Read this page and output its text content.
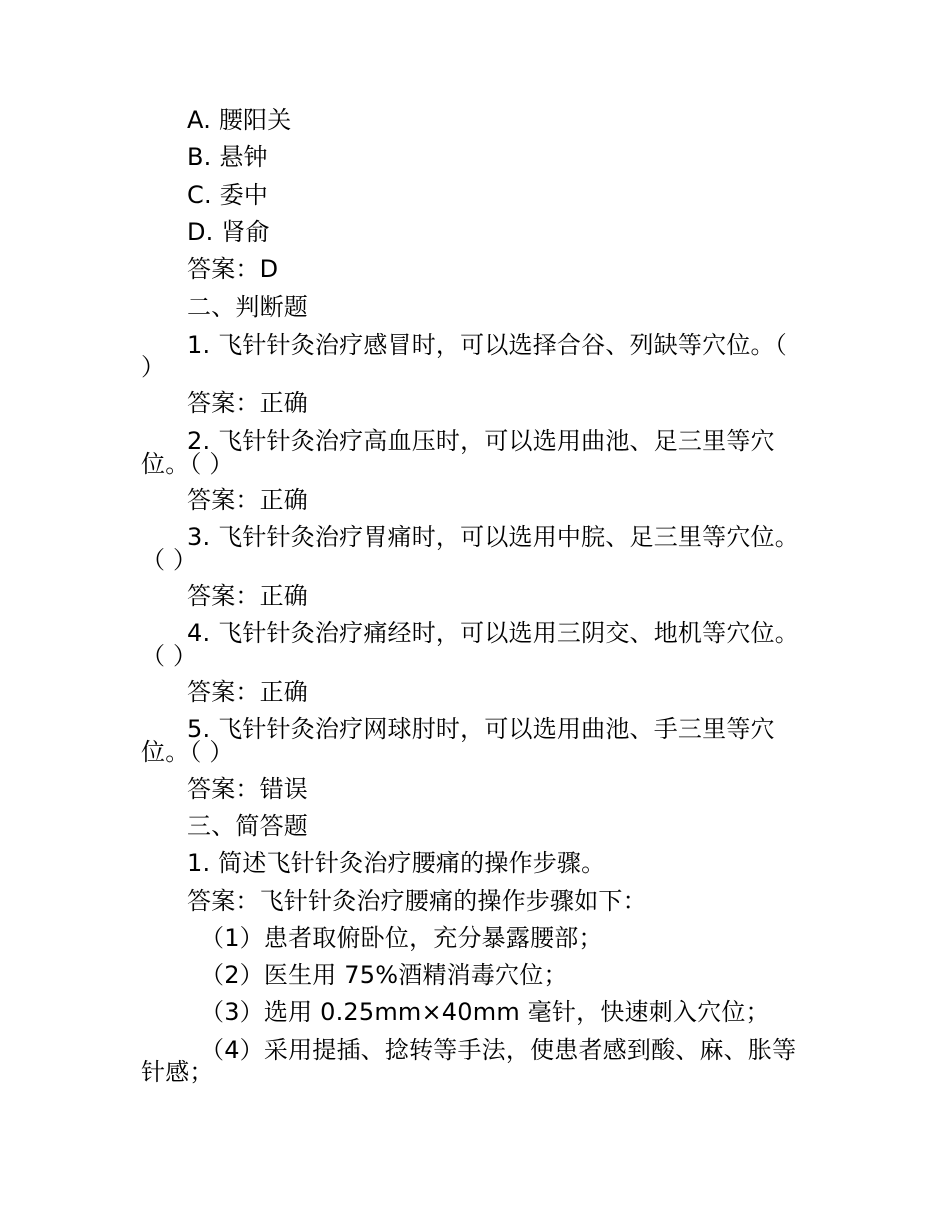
A. 腰阳关
B. 悬钟
C. 委中
D. 肾俞
答案：D
二、判断题
1. 飞针针灸治疗感冒时，可以选择合谷、列缺等穴位。（
）
答案：正确
2. 飞针针灸治疗高血压时，可以选用曲池、足三里等穴
位。（ ）
答案：正确
3. 飞针针灸治疗胃痛时，可以选用中脘、足三里等穴位。
（ ）
答案：正确
4. 飞针针灸治疗痛经时，可以选用三阴交、地机等穴位。
（ ）
答案：正确
5. 飞针针灸治疗网球肘时，可以选用曲池、手三里等穴
位。（ ）
答案：错误
三、简答题
1. 简述飞针针灸治疗腰痛的操作步骤。
答案：飞针针灸治疗腰痛的操作步骤如下：
（1）患者取俯卧位，充分暴露腰部；
（2）医生用 75%酒精消毒穴位；
（3）选用 0.25mm×40mm 毫针，快速刺入穴位；
（4）采用提插、捻转等手法，使患者感到酸、麻、胀等
针感；
